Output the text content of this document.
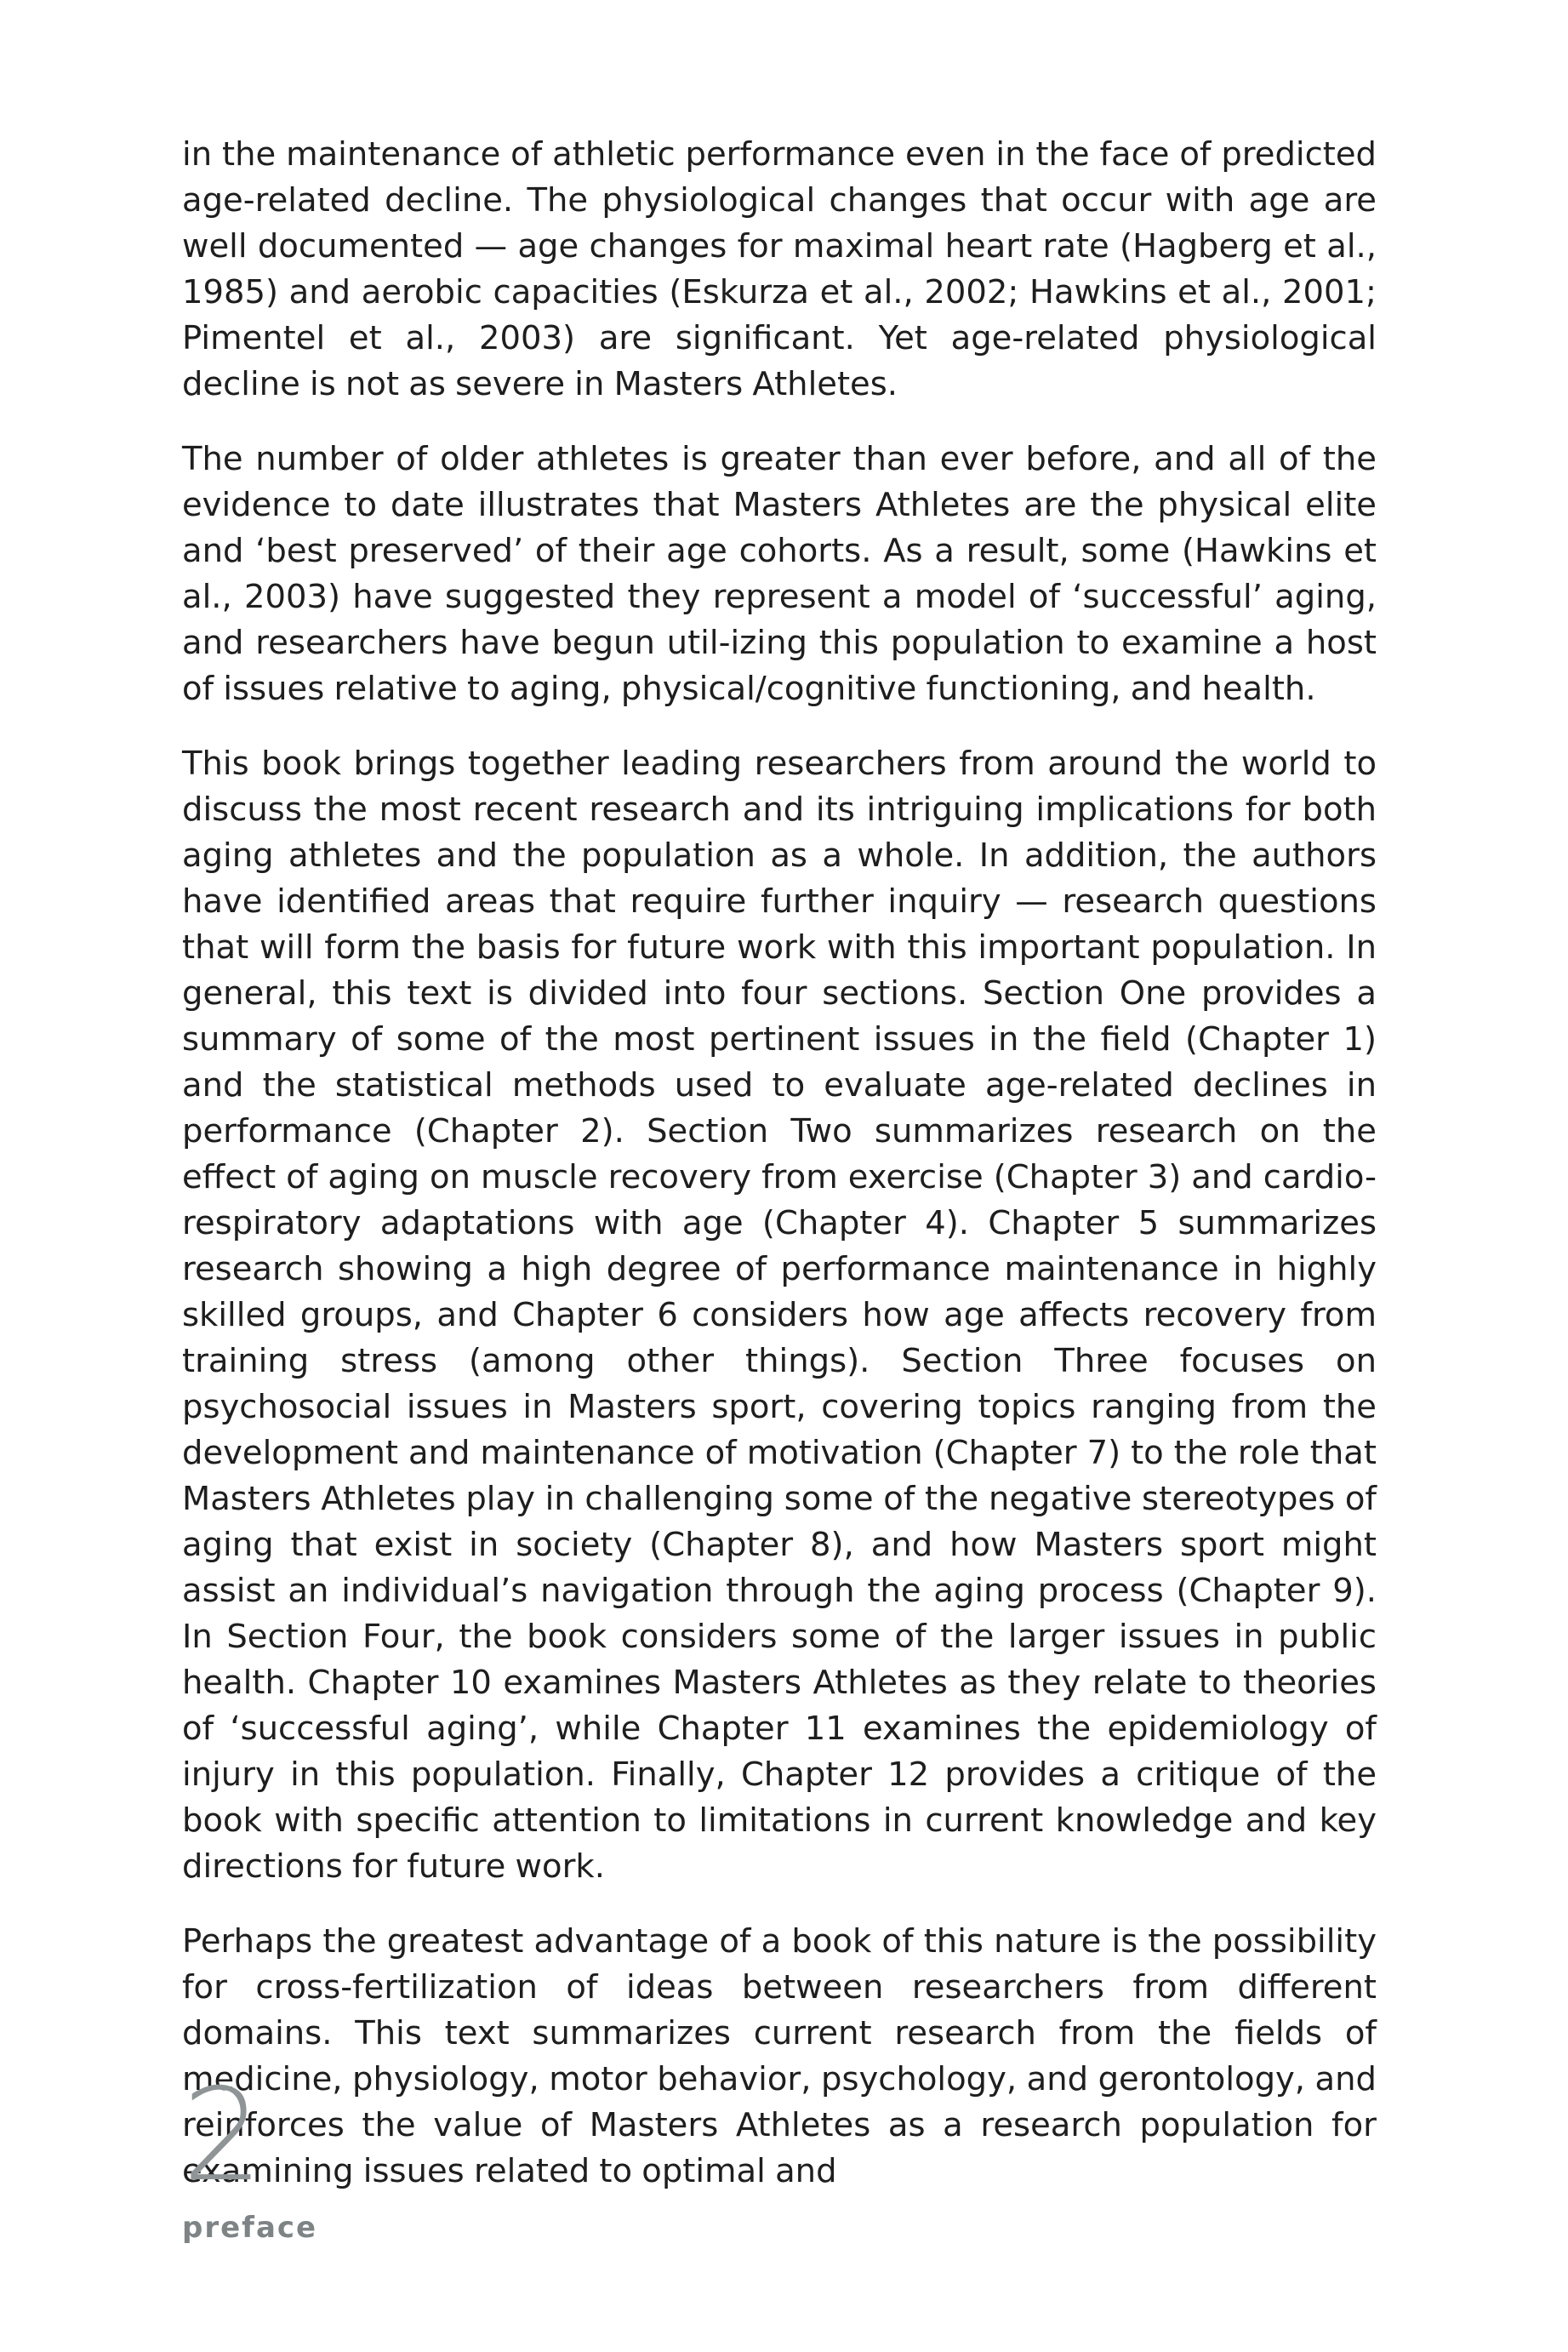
in the maintenance of athletic performance even in the face of predicted age-related decline. The physiological changes that occur with age are well documented — age changes for maximal heart rate (Hagberg et al., 1985) and aerobic capacities (Eskurza et al., 2002; Hawkins et al., 2001; Pimentel et al., 2003) are significant. Yet age-related physiological decline is not as severe in Masters Athletes.

The number of older athletes is greater than ever before, and all of the evidence to date illustrates that Masters Athletes are the physical elite and ‘best preserved’ of their age cohorts. As a result, some (Hawkins et al., 2003) have suggested they represent a model of ‘successful’ aging, and researchers have begun util-izing this population to examine a host of issues relative to aging, physical/cognitive functioning, and health.

This book brings together leading researchers from around the world to discuss the most recent research and its intriguing implications for both aging athletes and the population as a whole. In addition, the authors have identified areas that require further inquiry — research questions that will form the basis for future work with this important population. In general, this text is divided into four sections. Section One provides a summary of some of the most pertinent issues in the field (Chapter 1) and the statistical methods used to evaluate age-related declines in performance (Chapter 2). Section Two summarizes research on the effect of aging on muscle recovery from exercise (Chapter 3) and cardio-respiratory adaptations with age (Chapter 4). Chapter 5 summarizes research showing a high degree of performance maintenance in highly skilled groups, and Chapter 6 considers how age affects recovery from training stress (among other things). Section Three focuses on psychosocial issues in Masters sport, covering topics ranging from the development and maintenance of motivation (Chapter 7) to the role that Masters Athletes play in challenging some of the negative stereotypes of aging that exist in society (Chapter 8), and how Masters sport might assist an individual’s navigation through the aging process (Chapter 9). In Section Four, the book considers some of the larger issues in public health. Chapter 10 examines Masters Athletes as they relate to theories of ‘successful aging’, while Chapter 11 examines the epidemiology of injury in this population. Finally, Chapter 12 provides a critique of the book with specific attention to limitations in current knowledge and key directions for future work.

Perhaps the greatest advantage of a book of this nature is the possibility for cross-fertilization of ideas between researchers from different domains. This text summarizes current research from the fields of medicine, physiology, motor behavior, psychology, and gerontology, and reinforces the value of Masters Athletes as a research population for examining issues related to optimal and

2
preface
